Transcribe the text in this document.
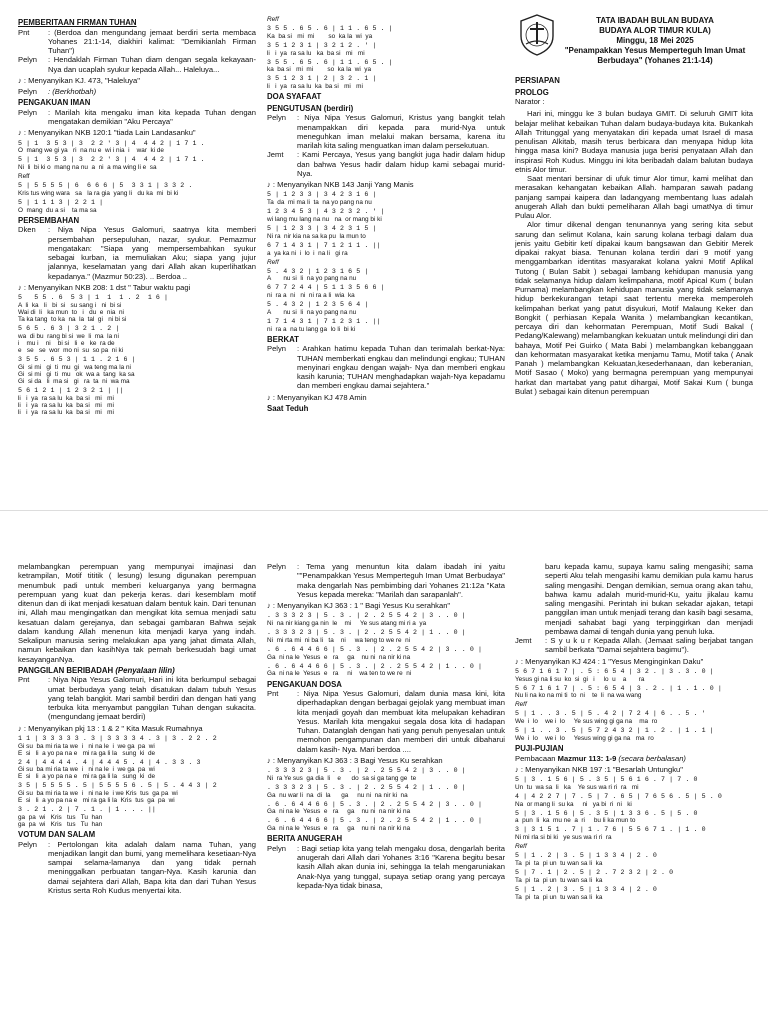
PEMBERITAAN FIRMAN TUHAN
Pnt	: (Berdoa dan mengundang jemaat berdiri serta membaca Yohanes 21:1-14, diakhiri kalimat: "Demikianlah Firman Tuhan")
Pelyn	: Hendaklah Firman Tuhan diam dengan segala kekayaan-Nya dan ucaplah syukur kepada Allah... Haleluya...
♪ : Menyanyikan KJ. 473, "Haleluya"
Pelyn	: (Berkhotbah)
PENGAKUAN IMAN
Pelyn	: Marilah kita mengaku iman kita kepada Tuhan dengan mengatakan demikian "Aku Percaya"
♪ : Menyanyikan NKB 120:1 "tiada Lain Landasanku"
5 | 1  3 5 3 | 3  2 2 ' 3 | 4  4 4 2 | 1 7 1 .
O  mang we gi ya   ri  na nu e  wi i nia  i    war  ki de
5 | 1  3 5 3 | 3  2 2 ' 3 | 4  4 4 2 | 1 7 1 .
Ni  li  bi ki o  mang na nu  a  ni  a ma wing li e  sa
Reff
5 | 5 5 5 5 | 6  6 6 6 | 5  3 3 1 | 3 3 2 .
Kris tus wing wara   sa   la ra gia  yang li   du ka  mi  bi ki
5 | 1 1 1 3 | 2 2 1 |
O  mang  du a si    ta ma sa
PERSEMBAHAN
Dken	: Niya Nipa Yesus Galomuri, saatnya kita memberi persembahan persepuluhan, nazar, syukur. Pemazmur mengatakan: "Siapa yang mempersembahkan syukur sebagai kurban, ia memuliakan Aku; siapa yang jujur jalannya, keselamatan yang dari Allah akan kuperlihatkan kepadanya." (Mazmur 50:23). .. Berdoa ..
♪ : Menyanyikan NKB 208: 1 dst " Tabur waktu pagi
5   5 5 . 6  5 3 | 1  1  1 . 2  1 6 |
A  li  ka   li   bi  si   su sang i   ni  bi si
Wai di  li   ka mun  to   i   du  e  nia  ni
Ta ka tang  to ka  na  la  tal  gi   ni bi si
5 6 5 . 6 3 | 3 2 1 . 2 |
wa  di bu  rang bi si  we  li  ma  la ni
i    mu i    ni    bi si   li  e   ke  ra de
e   se   se  wor  mo ni  su  so pa  ni ki
3 5 5 . 6 5 3 | 1 1 . 2 1 6 |
Gi  si mi   gi  ti  mu  gi   wa teng ma la ni
Gi  si mi   gi  ti  mu   ok  wa a  tang  ka sa
Gi  si da   li  ma si   gi   ra  ta  ni  wa ma
5 6 1 2 1 | 1 2 3 2 1 | ||
li   i  ya  ra sa lu  ka  ba si   mi   mi
li   i  ya  ra sa lu  ka  ba si   mi   mi
li   i  ya  ra sa lu  ka  ba si   mi   mi
Reff
3 5 5 . 6 5 . 6 | 1 1 . 6 5 . |
Ka  ba si   mi  mi        so  ka la  wi  ya
3 5 1 2 3 1 | 3 2 1 2 . ' |
li   i  ya  ra sa lu   ka  ba si   mi   mi
3 5 5 . 6 5 . 6 | 1 1 . 6 5 . |
ka  ba si   mi  mi        so  ka la  wi  ya
3 5 1 2 3 1 | 2 | 3 2 . 1 |
li   i  ya  ra sa lu  ka  ba si   mi   mi
DOA SYAFAAT
PENGUTUSAN (berdiri)
Pelyn	: Niya Nipa Yesus Galomuri, Kristus yang bangkit telah menampakkan diri kepada para murid-Nya untuk meneguhkan iman melalui makan bersama, karena itu marilah kita saling menguatkan iman dalam persekutuan.
Jemt	: Kami Percaya, Yesus yang bangkit juga hadir dalam hidup dan bahwa Yesus hadir dalam hidup kami sebagai murid-Nya.
♪ : Menyanyikan NKB 143 Janji Yang Manis
5 | 1 2 3 3 | 3 4 2 3 1 6 |
Ta  da  mi ma li  ta  na yo pang na nu
1 2 3 4 5 3 | 4 3 2 3 2 . ' |
wi lang mu lang na nu   na  or mang bi ki
5 | 1 2 3 3 | 3 4 2 3 1 5 |
Ni ra  nir kia na sa ka pu  la mun to
6 7 1 4 3 1 | 7 1 2 1 1 . ||
a  ya ka ni  i  lo  i  na li   gi ra
Reff
5 . 4 3 2 | 1 2 3 1 6 5 |
A       nu si  li  na yo pang na nu
6 7 7 2 4 4 | 5 1 1 3 5 6 6 |
ni  ra a  ni   ni  ni ra a li  wia  ka
5 . 4 3 2 | 1 2 3 5 6 4 |
A       nu si  li  na yo pang na nu
1 7 1 4 3 1 | 7 1 2 3 1 . ||
ni  ra a  na tu lang ga  lo li  bi ki
BERKAT
Pelyn	: Arahkan hatimu kepada Tuhan dan terimalah berkat-Nya: TUHAN memberkati engkau dan melindungi engkau; TUHAN menyinari engkau dengan wajah- Nya dan memberi engkau kasih karunia; TUHAN menghadapkan wajah-Nya kepadamu dan memberi engkau damai sejahtera."
♪ : Menyanyikan KJ 478 Amin
Saat Teduh
TATA IBADAH BULAN BUDAYA
BUDAYA ALOR TIMUR KULA)
Minggu, 18 Mei 2025
"Penampakkan Yesus Memperteguh Iman Umat Berbudaya" (Yohanes 21:1-14)
PERSIAPAN
PROLOG
Narator :

Hari ini, minggu ke 3 bulan budaya GMIT. Di seluruh GMIT kita belajar melihat kebaikan Tuhan dalam budaya-budaya kita. Bukankah Allah Tritunggal yang menyatakan diri kepada umat Israel di masa penulisan Alkitab, masih terus berbicara dan menyapa hidup kita hingga masa kini? Budaya manusia juga berisi penyataan Allah dan inspirasi Roh Kudus. Minggu ini kita beribadah dalam balutan budaya etnis Alor timur.

Saat mentari bersinar di ufuk timur Alor timur, kami melihat dan merasakan kehangatan kebaikan Allah. hamparan sawah padang panjang sampai kaipera dan ladangyang membentang luas adalah anugerah Allah dan bukti pemeliharan Allah bagi umatNya di timur Pulau Alor.

Alor timur dikenal dengan tenunannya yang sering kita sebut sarung dan selimut Kolana, kain sarung kolana terbagi dalam dua jenis yaitu Gebitir ketí dipakai kaum bangsawan dan Gebitir Merek dipakai rakyat biasa. Tenunan kolana terdiri dari 9 motif yang menggambarkan identitas masyarakat kolana yakni Motif Aplikal Tutong ( Bulan Sabit ) sebagai lambang kehidupan manusia yang tidak selamanya hidup dalam kelimpahana, motif Apical Kum ( bulan Purnama) melambangkan kehidupan manusia yang tidak selamanya hidup berkekurangan tetapi saat tertentu mereka memperoleh kelimpahan berkat yang patut disyukuri, Motif Malaung Keker dan Bongkit ( perhiasan Kepala Wanita ) melambangkan kecantikan, percaya diri dan kehormatan Perempuan, Motif Sudi Bakal ( Pedang/Kalewang) melambangkan kekuatan untuk melindungi diri dan bahaya, Motif Pei Guirko ( Mata Babi ) melambangkan kebanggaan dan kehormatan masyarakat ketika menjamu Tamu, Motif taka ( Anak Panah ) melambangkan Kekuatan,kesederhanaan, dan keberanian, Motif Sasao ( Moko) yang bermagna perempuan yang mempunyai harkat dan martabat yang patut dihargai, Motif Sakai Kum ( bunga Bulat ) sebagai kain ditenun perempuan

melambangkan perempuan yang mempunyai imajinasi dan ketrampilan, Motif tititik ( lesung) lesung digunakan perempuan menumbuk padi untuk memberi keluarganya yang bermagna perempuan yang kuat dan pekerja keras. dari kesemblam motif ditenun dan di ikat menjadi kesatuan dalam bentuk kain. Dari tenunan ini, Allah mau mengingatkan dan mengikat kita semua menjadi satu kesatuan dalam gerejanya, dan sebagai gambaran Bahwa sejak dalam kandung Allah menenun kita menjadi karya yang indah. Sekalipun manusia sering melakukan apa yang jahat dimata Allah, namun kebaikan dan kasihNya tak pernah berkesudah bagi umat kesayanganNya.

PANGGILAN BERIBADAH (Penyalaan lilin)
Pnt	: Niya Nipa Yesus Galomuri, Hari ini kita berkumpul sebagai umat berbudaya yang telah disatukan dalam tubuh Yesus yang telah bangkit. Mari sambil berdiri dan dengan hati yang terbuka kita menyambut panggilan Tuhan dengan sukacita. (mengundang jemaat berdiri)
♪ : Menyanyikan pkj 13 : 1 & 2 " Kita Masuk Rumahnya
1 1 | 3 3 3 3 3 . 3 | 3 3 3 3 4 . 3 | 3 . 2 2 . 2
Gi su  ba mi ria ta we  i   ni na le  i  we ga  pa  wi
E  si   li  a yo pa na e   mi ra ga li la   sung  ki  de
2 4 | 4 4 4 4 . 4 | 4 4 4 5 . 4 | 4 . 3 3 . 3
Gi su  ba mi ria ta we  i   ni na le  i  we ga  pa  wi
E  si   li  a yo pa na e   mi ra ga li la   sung  ki  de
3 5 | 5 5 5 5 . 5 | 5 5 5 5 6 . 5 | 5 . 4 4 3 | 2
Gi su  ba mi ria ta we  i   ni na le  i we Kris  tus  ga pa  wi
E  si   li  a yo pa na e   mi ra ga li la  Kris  tus  ga  pa  wi
3 . 2 1 . 2 | 7 . 1 . | 1 . . . ||
ga  pa  wi   Kris   tus   Tu  han
ga  pa  wi   Kris   tus   Tu  han
VOTUM DAN SALAM
Pelyn	: Pertolongan kita adalah dalam nama Tuhan, yang menjadikan langit dan bumi, yang memelihara kesetiaan-Nya sampai selama-lamanya dan yang tidak pernah meninggalkan perbuatan tangan-Nya. Kasih karunia dan damai sejahtera dari Allah, Bapa kita dan dari Tuhan Yesus Kristus serta Roh Kudus menyertai kita.
Pelyn	: Tema yang menuntun kita dalam ibadah ini yaitu ""Penampakkan Yesus Memperteguh Iman Umat Berbudaya" maka dengarlah Nas pembimbing dari Yohanes 21:12a "Kata Yesus kepada mereka: "Marilah dan sarapanlah".
♪ : Menyanyikan KJ 363 : 1 " Bagi Yesus Ku serahkan"
. 3 3 3 2 3 | 5 . 3 . | 2 . 2 5 5 4 2 | 3 . . 0 |
Ni  na nir kiang ga nin  le    mi     Ye sus atang mi ri a  ya
. 3 3 3 2 3 | 5 . 3 . | 2 . 2 5 5 4 2 | 1 . . 0 |
Ni  mi rta mi  ni ba li   ta    ni     wa teng to we re  ni
. 6 . 6 4 4 6 6 | 5 . 3 . | 2 . 2 5 5 4 2 | 3 . . 0 |
Ga  ni na le  Yesus  e   ra     ga    nu ni  na nir ki na
. 6 . 6 4 4 6 6 | 5 . 3 . | 2 . 2 5 5 4 2 | 1 . . 0 |
Ga  ni na le  Yesus  e   ra     ni    wa ten to we re  ni
PENGAKUAN DOSA
Pnt	: Niya Nipa Yesus Galomuri, dalam dunia masa kini, kita diperhadapkan dengan berbagai gejolak yang membuat iman kita menjadi goyah dan membuat kita melupakan kehadiran Yesus. Marilah kita mengakui segala dosa kita di hadapan Tuhan. Datanglah dengan hati yang penuh penyesalan untuk memohon pengampunan dan memberi diri untuk dibaharui dalam kasih- Nya. Mari berdoa ....
♪ : Menyanyikan KJ 363 : 3 Bagi Yesus Ku serahkan
. 3 3 3 2 3 | 5 . 3 . | 2 . 2 5 5 4 2 | 3 . . 0 |
Ni  ra Ye sus  ga dia  li    e      do  sa si ga tang ge  te
. 3 3 3 2 3 | 5 . 3 . | 2 . 2 5 5 4 2 | 1 . . 0 |
Ga  nu war li  na  di  la      ga     nu ni  na nir ki  na
. 6 . 6 4 4 6 6 | 5 . 3 . | 2 . 2 5 5 4 2 | 3 . . 0 |
Ga  ni na le  Yesus  e   ra     ga    nu ni  na nir ki na
. 6 . 6 4 4 6 6 | 5 . 3 . | 2 . 2 5 5 4 2 | 1 . . 0 |
Ga  ni na le  Yesus  e   ra     ga    nu ni  na nir ki na
BERITA ANUGERAH
Pelyn	: Bagi setiap kita yang telah mengaku dosa, dengarlah berita anugerah dari Allah dari Yohanes 3:16 "Karena begitu besar kasih Allah akan dunia ini, sehingga Ia telah mengaruniakan Anak-Nya yang tunggal, supaya setiap orang yang percaya kepada-Nya tidak binasa,
baru kepada kamu, supaya kamu saling mengasihi; sama seperti Aku telah mengasihi kamu demikian pula kamu harus saling mengasihi. Dengan demikian, semua orang akan tahu, bahwa kamu adalah murid-murid-Ku, yaitu jikalau kamu saling mengasihi. Perintah ini bukan sekadar ajakan, tetapi panggilan iman untuk menjadi terang dan kasih bagi sesama, menjadi sahabat bagi yang terpinggirkan dan menjadi pembawa damai di tengah dunia yang penuh luka.
Jemt	: S y u k u r Kepada Allah. (Jemaat saling berjabat tangan sambil berkata "Damai sejahtera bagimu").
♪ : Menyanyikan KJ 424 : 1 "Yesus Menginginkan Daku"
5 6 7 1 6 1 7 | . 5 : 6 5 4 | 3 2 . | 3 . 3 . 0 |
Yesus gi na li su  ko  si  gi   i     lo  u    a       ra
5 6 7 1 6 1 7 | . 5 : 6 5 4 | 3 . 2 . | 1 . 1 . 0 |
Nu li na ko na mi ti  to  ni    te  li  na wa wang
Reff
5 | 1 . . 3 . 5 | 5 . 4 2 | 7 2 4 | 6 . . 5 . '
We  i  lo    we i  lo     Ye sus wing gi ga na    ma  ro
5 | 1 . . 3 . 5 | 5 7 2 4 3 2 | 1 . 2 . | 1 . 1 |
We  i  lo    we i  lo     Yesus wing gi ga na   ma  ro
PUJI-PUJIAN
Pembacaan Mazmur 113: 1-9 (secara berbalasan)
♪ : Menyanyikan NKB 197 :1 "Besarlah Untungku"
5 | 3 . 1 5 6 | 5 . 3 5 | 5 6 1 6 . 7 | 7 . 0
Un  tu  wa sa  li   ka    Ye sus wa ri ri  ra   mi
4 | 4 2 2 7 | 7 . 5 | 7 . 6 5 | 7 6 5 6 . 5 | 5 . 0
Na  or mang li  su ka     ni   ya bi  ri  ni   ki
5 | 3 . 1 5 6 | 5 . 3 5 | 1 3 3 6 . 5 | 5 . 0
a  pun  li  ka  mu ne  a  ri     bu li ka mun to
3 | 3 1 5 1 . 7 | 1 . 7 6 | 5 5 6 7 1 . | 1 . 0
Ni mi rla si bi ki   ye sus wa ri ri  ra
Reff
5 | 1 . 2 | 3 . 5 | 1 3 3 4 | 2 . 0
Ta  pi  ta  pi un  tu wan sa li  ka
5 | 7 . 1 | 2 . 5 | 2 . 7 2 3 2 | 2 . 0
Ta  pi  ta  pi un  tu wan sa li  ka
5 | 1 . 2 | 3 . 5 | 1 3 3 4 | 2 . 0
Ta  pi  ta  pi un  tu wan sa li  ka
